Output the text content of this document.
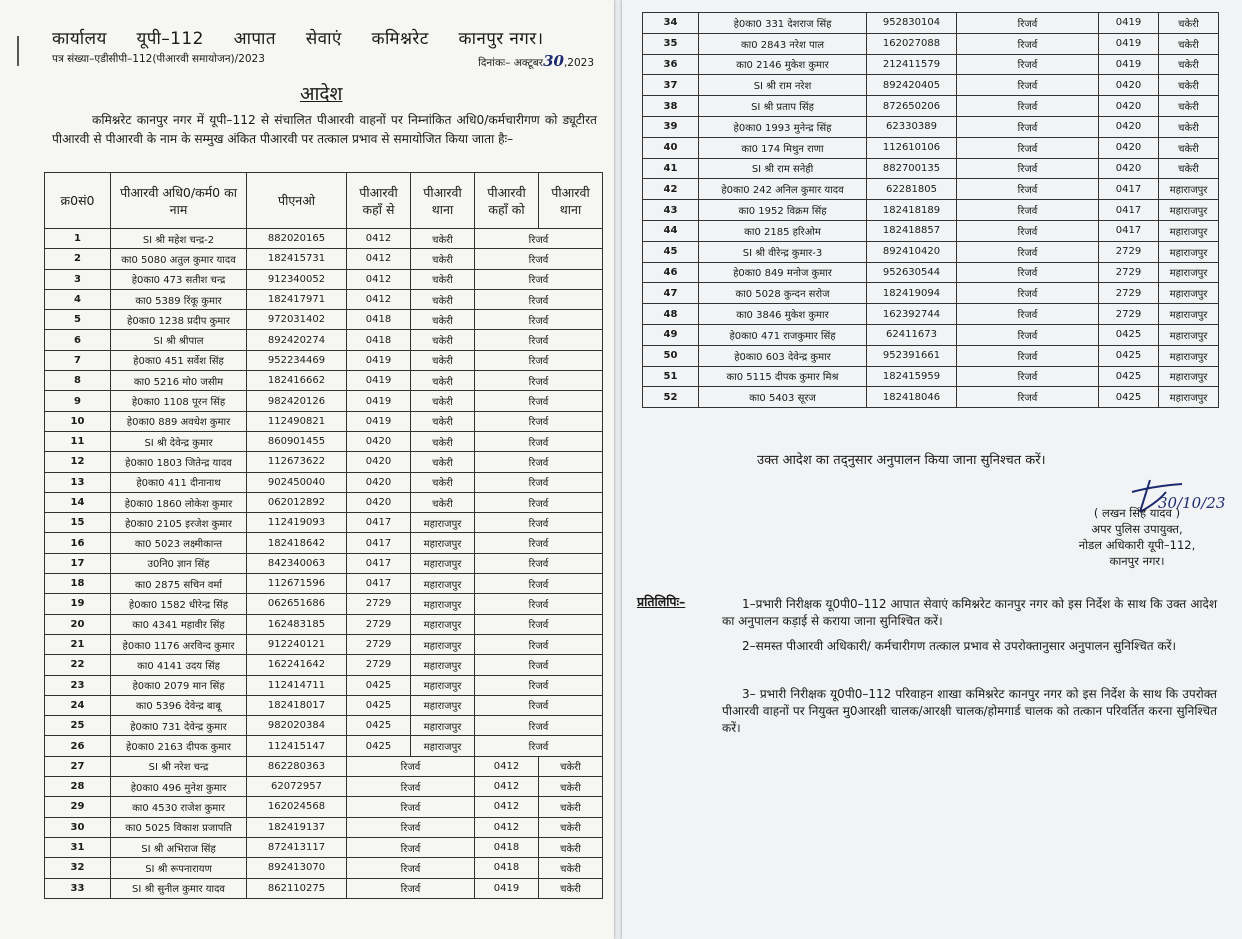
कार्यालय यूपी–112 आपात सेवाएं कमिश्नरेट कानपुर नगर।
पत्र संख्या–एडीसीपी–112(पीआरवी समायोजन)/2023	दिनांकः– अक्टूबर30,2023
आदेश
कमिश्नरेट कानपुर नगर में यूपी–112 से संचालित पीआरवी वाहनों पर निम्नांकित अधि0/कर्मचारीगण को ड्यूटीरत पीआरवी से पीआरवी के नाम के सम्मुख अंकित पीआरवी पर तत्काल प्रभाव से समायोजित किया जाता हैः–
क्र0सं0	पीआरवी अधि0/कर्म0 का नाम	पीएनओ	पीआरवी कहाँ से	पीआरवी थाना	पीआरवी कहाँ को	पीआरवी थाना
1	SI श्री महेश चन्द्र-2	882020165	0412	चकेरी	रिजर्व	
2	का0 5080 अतुल कुमार यादव	182415731	0412	चकेरी	रिजर्व	
3	हे0का0 473 सतीश चन्द्र	912340052	0412	चकेरी	रिजर्व	
4	का0 5389 रिंकू कुमार	182417971	0412	चकेरी	रिजर्व	
5	हे0का0 1238 प्रदीप कुमार	972031402	0418	चकेरी	रिजर्व	
6	SI श्री श्रीपाल	892420274	0418	चकेरी	रिजर्व	
7	हे0का0 451 सर्वेश सिंह	952234469	0419	चकेरी	रिजर्व	
8	का0 5216 मो0 जसीम	182416662	0419	चकेरी	रिजर्व	
9	हे0का0 1108 पूरन सिंह	982420126	0419	चकेरी	रिजर्व	
10	हे0का0 889 अवधेश कुमार	112490821	0419	चकेरी	रिजर्व	
11	SI श्री देवेन्द्र कुमार	860901455	0420	चकेरी	रिजर्व	
12	हे0का0 1803 जितेन्द्र यादव	112673622	0420	चकेरी	रिजर्व	
13	हे0का0 411 दीनानाथ	902450040	0420	चकेरी	रिजर्व	
14	हे0का0 1860 लोकेश कुमार	062012892	0420	चकेरी	रिजर्व	
15	हे0का0 2105 इरजेश कुमार	112419093	0417	महाराजपुर	रिजर्व	
16	का0 5023 लक्ष्मीकान्त	182418642	0417	महाराजपुर	रिजर्व	
17	उ0नि0 ज्ञान सिंह	842340063	0417	महाराजपुर	रिजर्व	
18	का0 2875 सचिन वर्मा	112671596	0417	महाराजपुर	रिजर्व	
19	हे0का0 1582 धीरेन्द्र सिंह	062651686	2729	महाराजपुर	रिजर्व	
20	का0 4341 महावीर सिंह	162483185	2729	महाराजपुर	रिजर्व	
21	हे0का0 1176 अरविन्द कुमार	912240121	2729	महाराजपुर	रिजर्व	
22	का0 4141 उदय सिंह	162241642	2729	महाराजपुर	रिजर्व	
23	हे0का0 2079 मान सिंह	112414711	0425	महाराजपुर	रिजर्व	
24	का0 5396 देवेन्द्र बाबू	182418017	0425	महाराजपुर	रिजर्व	
25	हे0का0 731 देवेन्द्र कुमार	982020384	0425	महाराजपुर	रिजर्व	
26	हे0का0 2163 दीपक कुमार	112415147	0425	महाराजपुर	रिजर्व	
27	SI श्री नरेश चन्द्र	862280363	रिजर्व		0412	चकेरी
28	हे0का0 496 मुनेश कुमार	62072957	रिजर्व		0412	चकेरी
29	का0 4530 राजेश कुमार	162024568	रिजर्व		0412	चकेरी
30	का0 5025 विकाश प्रजापति	182419137	रिजर्व		0412	चकेरी
31	SI श्री अभिराज सिंह	872413117	रिजर्व		0418	चकेरी
32	SI श्री रूपनारायण	892413070	रिजर्व		0418	चकेरी
33	SI श्री सुनील कुमार यादव	862110275	रिजर्व		0419	चकेरी
34	हे0का0 331 देशराज सिंह	952830104	रिजर्व	0419	चकेरी
35	का0 2843 नरेश पाल	162027088	रिजर्व	0419	चकेरी
36	का0 2146 मुकेश कुमार	212411579	रिजर्व	0419	चकेरी
37	SI श्री राम नरेश	892420405	रिजर्व	0420	चकेरी
38	SI श्री प्रताप सिंह	872650206	रिजर्व	0420	चकेरी
39	हे0का0 1993 मुनेन्द्र सिंह	62330389	रिजर्व	0420	चकेरी
40	का0 174 मिथुन राणा	112610106	रिजर्व	0420	चकेरी
41	SI श्री राम सनेही	882700135	रिजर्व	0420	चकेरी
42	हे0का0 242 अनिल कुमार यादव	62281805	रिजर्व	0417	महाराजपुर
43	का0 1952 विक्रम सिंह	182418189	रिजर्व	0417	महाराजपुर
44	का0 2185 हरिओम	182418857	रिजर्व	0417	महाराजपुर
45	SI श्री वीरेन्द्र कुमार-3	892410420	रिजर्व	2729	महाराजपुर
46	हे0का0 849 मनोज कुमार	952630544	रिजर्व	2729	महाराजपुर
47	का0 5028 कुन्दन सरोज	182419094	रिजर्व	2729	महाराजपुर
48	का0 3846 मुकेश कुमार	162392744	रिजर्व	2729	महाराजपुर
49	हे0का0 471 राजकुमार सिंह	62411673	रिजर्व	0425	महाराजपुर
50	हे0का0 603 देवेन्द्र कुमार	952391661	रिजर्व	0425	महाराजपुर
51	का0 5115 दीपक कुमार मिश्र	182415959	रिजर्व	0425	महाराजपुर
52	का0 5403 सूरज	182418046	रिजर्व	0425	महाराजपुर
उक्त आदेश का तद्नुसार अनुपालन किया जाना सुनिश्चत करें।
30/10/23
( लखन सिंह यादव )
अपर पुलिस उपायुक्त,
नोडल अधिकारी यूपी–112,
कानपुर नगर।
प्रतिलिपिः–	1–प्रभारी निरीक्षक यू0पी0–112 आपात सेवाएं कमिश्नरेट कानपुर नगर को इस निर्देश के साथ कि उक्त आदेश का अनुपालन कड़ाई से कराया जाना सुनिश्चित करें।
2–समस्त पीआरवी अधिकारी/ कर्मचारीगण तत्काल प्रभाव से उपरोक्तानुसार अनुपालन सुनिश्चित करें।
3– प्रभारी निरीक्षक यू0पी0–112 परिवाहन शाखा कमिश्नरेट कानपुर नगर को इस निर्देश के साथ कि उपरोक्त पीआरवी वाहनों पर नियुक्त मु0आरक्षी चालक/आरक्षी चालक/होमगार्ड चालक को तत्कान परिवर्तित करना सुनिश्चित करें।
